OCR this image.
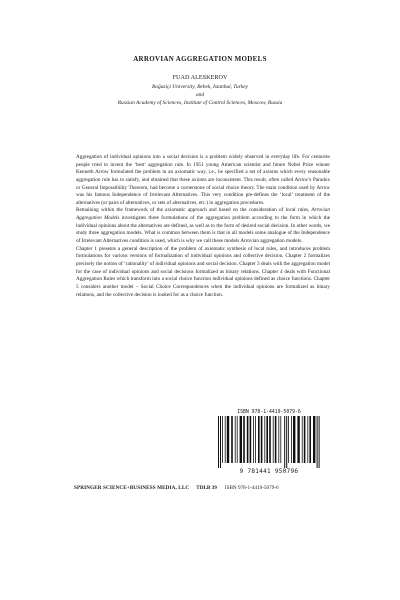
ARROVIAN AGGREGATION MODELS
FUAD ALESKEROV
Boğaziçi University, Bebek, Istanbul, Turkey
and
Russian Academy of Sciences, Institute of Control Sciences, Moscow, Russia

Aggregation of individual opinions into a social decision is a problem widely observed in everyday life. For centuries people tried to invent the ‘best’ aggregation rule. In 1951 young American scientist and future Nobel Prize winner Kenneth Arrow formulated the problem in an axiomatic way, i.e., he specified a set of axioms which every reasonable aggregation rule has to satisfy, and obtained that these axioms are inconsistent. This result, often called Arrow’s Paradox or General Impossibility Theorem, had become a cornerstone of social choice theory. The main condition used by Arrow was his famous Independence of Irrelevant Alternatives. This very condition pre-defines the ‘local’ treatment of the alternatives (or pairs of alternatives, or sets of alternatives, etc.) in aggregation procedures.

Remaining within the framework of the axiomatic approach and based on the consideration of local rules, Arrovian Aggregation Models investigates three formulations of the aggregation problem according to the form in which the individual opinions about the alternatives are defined, as well as to the form of desired social decision. In other words, we study three aggregation models. What is common between them is that in all models some analogue of the Independence of Irrelevant Alternatives condition is used, which is why we call these models Arrovian aggregation models.

Chapter 1 presents a general description of the problem of axiomatic synthesis of local rules, and introduces problem formulations for various versions of formalization of individual opinions and collective decision. Chapter 2 formalizes precisely the notion of ‘rationality’ of individual opinions and social decision. Chapter 3 deals with the aggregation model for the case of individual opinions and social decisions formalized as binary relations. Chapter 4 deals with Functional Aggregation Rules which transform into a social choice function individual opinions defined as choice functions. Chapter 5 considers another model – Social Choice Correspondences when the individual opinions are formalized as binary relations, and the collective decision is looked for as a choice function.

ISBN 978-1-4419-5079-6
9 781441 950796
SPRINGER SCIENCE+BUSINESS MEDIA, LLC TDLB 39 ISBN 978-1-4419-5079-6
